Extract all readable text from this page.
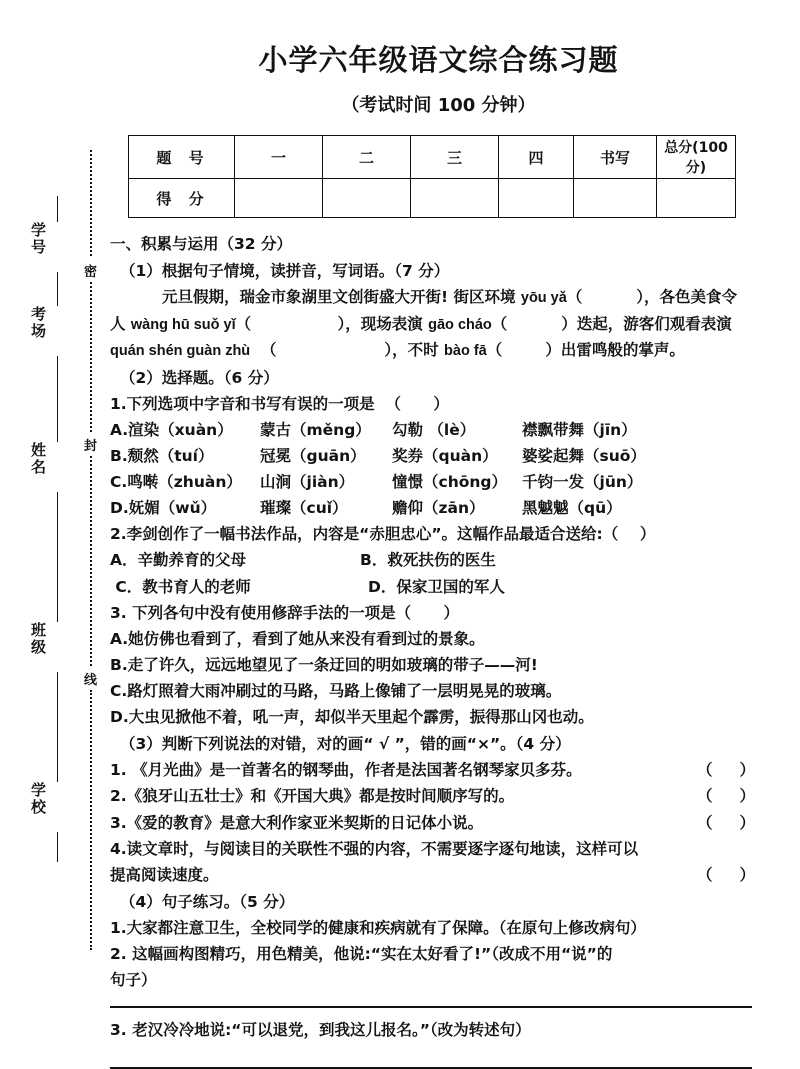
学号
考场
姓名
班级
学校
密
封
线
小学六年级语文综合练习题
（考试时间 100 分钟）
题 号	一	二	三	四	书写	总分(100分)
得 分						
一、积累与运用（32 分）
（1）根据句子情境，读拼音，写词语。（7 分）
元旦假期，瑞金市象湖里文创街盛大开街! 街区环境 yōu yǎ（          ），各色美食令
人 wàng hū suǒ yǐ（                ），现场表演 gāo cháo（          ）迭起，游客们观看表演
quán shén guàn zhù  （                    ），不时 bào fā（        ）出雷鸣般的掌声。
（2）选择题。（6 分）
1.下列选项中字音和书写有误的一项是  （      ）
A.渲染（xuàn）	蒙古（měng）	勾勒 （lè）	襟飘带舞（jīn）
B.颓然（tuí）	冠冕（guān）	奖券（quàn）	婆娑起舞（suō）
C.鸣啭（zhuàn）	山涧（jiàn）	憧憬（chōng） 千钧一发（jūn）
D.妩媚（wǔ）	璀璨（cuǐ）	赡仰（zān）	黑魆魆（qū）
2.李剑创作了一幅书法作品，内容是“赤胆忠心”。这幅作品最适合送给:（    ）
A．辛勤养育的父母	B．救死扶伤的医生
C．教书育人的老师	D．保家卫国的军人
3. 下列各句中没有使用修辞手法的一项是（      ）
A.她仿佛也看到了，看到了她从来没有看到过的景象。
B.走了许久，远远地望见了一条迂回的明如玻璃的带子——河!
C.路灯照着大雨冲刷过的马路，马路上像铺了一层明晃晃的玻璃。
D.大虫见掀他不着，吼一声，却似半天里起个霹雳，振得那山冈也动。
（3）判断下列说法的对错，对的画“ √ ”，错的画“×”。（4 分）
1. 《月光曲》是一首著名的钢琴曲，作者是法国著名钢琴家贝多芬。	（     ）
2.《狼牙山五壮士》和《开国大典》都是按时间顺序写的。	（     ）
3.《爱的教育》是意大利作家亚米契斯的日记体小说。	（     ）
4.读文章时，与阅读目的关联性不强的内容，不需要逐字逐句地读，这样可以
提高阅读速度。	（     ）
（4）句子练习。（5 分）
1.大家都注意卫生，全校同学的健康和疾病就有了保障。（在原句上修改病句）
2. 这幅画构图精巧，用色精美，他说:“实在太好看了!”（改成不用“说”的
句子）
3. 老汉冷冷地说:“可以退党，到我这儿报名。”（改为转述句）
